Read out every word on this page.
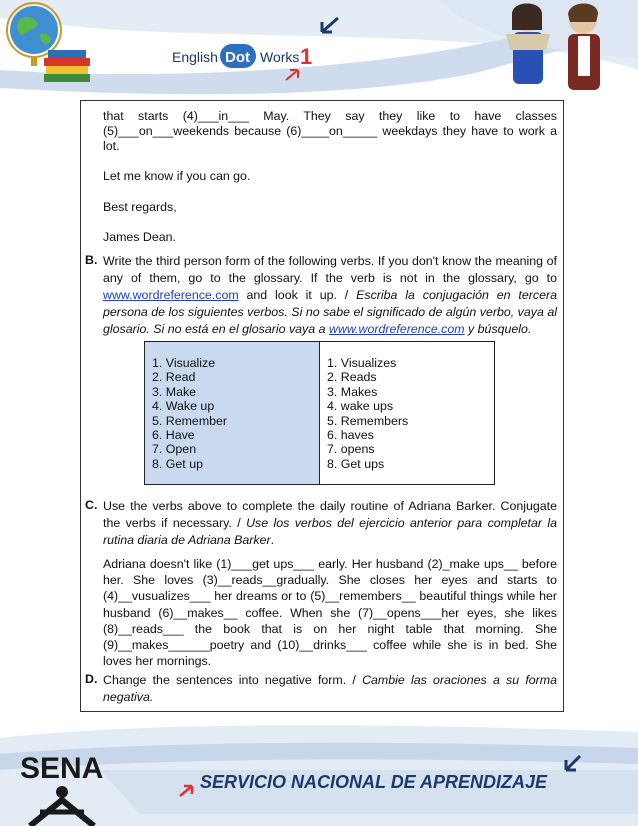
English Dot Works 1
that starts (4)___in___ May. They say they like to have classes
(5)___on___weekends because (6)____on_____ weekdays they have to work a
lot.
Let me know if you can go.
Best regards,
James Dean.
B. Write the third person form of the following verbs. If you don't know the meaning of any of them, go to the glossary. If the verb is not in the glossary, go to www.wordreference.com and look it up. / Escriba la conjugación en tercera persona de los siguientes verbos. Si no sabe el significado de algún verbo, vaya al glosario. Si no está en el glosario vaya a www.wordreference.com y búsquelo.
1. Visualize
2. Read
3. Make
4. Wake up
5. Remember
6. Have
7. Open
8. Get up
1. Visualizes
2. Reads
3. Makes
4. wake ups
5. Remembers
6. haves
7. opens
8. Get ups
C. Use the verbs above to complete the daily routine of Adriana Barker. Conjugate the verbs if necessary. / Use los verbos del ejercicio anterior para completar la rutina diaria de Adriana Barker.
Adriana doesn't like (1)___get ups___ early. Her husband (2)_make ups__ before her. She loves (3)__reads__gradually. She closes her eyes and starts to (4)__vusualizes___ her dreams or to (5)__remembers__ beautiful things while her husband (6)__makes__ coffee. When she (7)__opens___her eyes, she likes (8)__reads___ the book that is on her night table that morning. She (9)__makes______poetry and (10)__drinks___ coffee while she is in bed. She loves her mornings.
D. Change the sentences into negative form. / Cambie las oraciones a su forma negativa.
SENA	SERVICIO NACIONAL DE APRENDIZAJE
